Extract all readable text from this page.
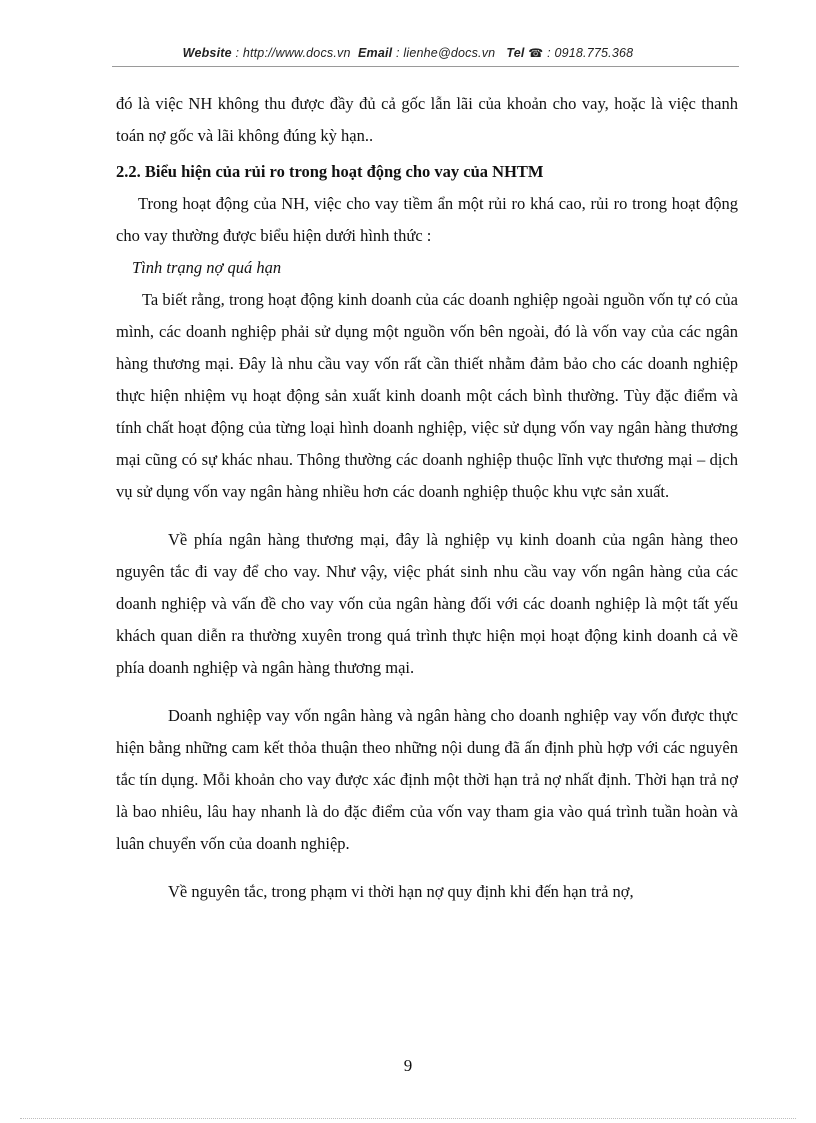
Website : http://www.docs.vn Email : lienhe@docs.vn Tel ☎ : 0918.775.368

đó là việc NH không thu được đầy đủ cả gốc lẫn lãi của khoản cho vay, hoặc là việc thanh toán nợ gốc và lãi không đúng kỳ hạn..

2.2. Biểu hiện của rủi ro trong hoạt động cho vay của NHTM

Trong hoạt động của NH, việc cho vay tiềm ẩn một rủi ro khá cao, rủi ro trong hoạt động cho vay thường được biểu hiện dưới hình thức :

Tình trạng nợ quá hạn

Ta biết rằng, trong hoạt động kinh doanh của các doanh nghiệp ngoài nguồn vốn tự có của mình, các doanh nghiệp phải sử dụng một nguồn vốn bên ngoài, đó là vốn vay của các ngân hàng thương mại. Đây là nhu cầu vay vốn rất cần thiết nhằm đảm bảo cho các doanh nghiệp thực hiện nhiệm vụ hoạt động sản xuất kinh doanh một cách bình thường. Tùy đặc điểm và tính chất hoạt động của từng loại hình doanh nghiệp, việc sử dụng vốn vay ngân hàng thương mại cũng có sự khác nhau. Thông thường các doanh nghiệp thuộc lĩnh vực thương mại – dịch vụ sử dụng vốn vay ngân hàng nhiều hơn các doanh nghiệp thuộc khu vực sản xuất.

Về phía ngân hàng thương mại, đây là nghiệp vụ kinh doanh của ngân hàng theo nguyên tắc đi vay để cho vay. Như vậy, việc phát sinh nhu cầu vay vốn ngân hàng của các doanh nghiệp và vấn đề cho vay vốn của ngân hàng đối với các doanh nghiệp là một tất yếu khách quan diễn ra thường xuyên trong quá trình thực hiện mọi hoạt động kinh doanh cả về phía doanh nghiệp và ngân hàng thương mại.

Doanh nghiệp vay vốn ngân hàng và ngân hàng cho doanh nghiệp vay vốn được thực hiện bằng những cam kết thỏa thuận theo những nội dung đã ấn định phù hợp với các nguyên tắc tín dụng. Mỗi khoản cho vay được xác định một thời hạn trả nợ nhất định. Thời hạn trả nợ là bao nhiêu, lâu hay nhanh là do đặc điểm của vốn vay tham gia vào quá trình tuần hoàn và luân chuyển vốn của doanh nghiệp.

Về nguyên tắc, trong phạm vi thời hạn nợ quy định khi đến hạn trả nợ,

9
